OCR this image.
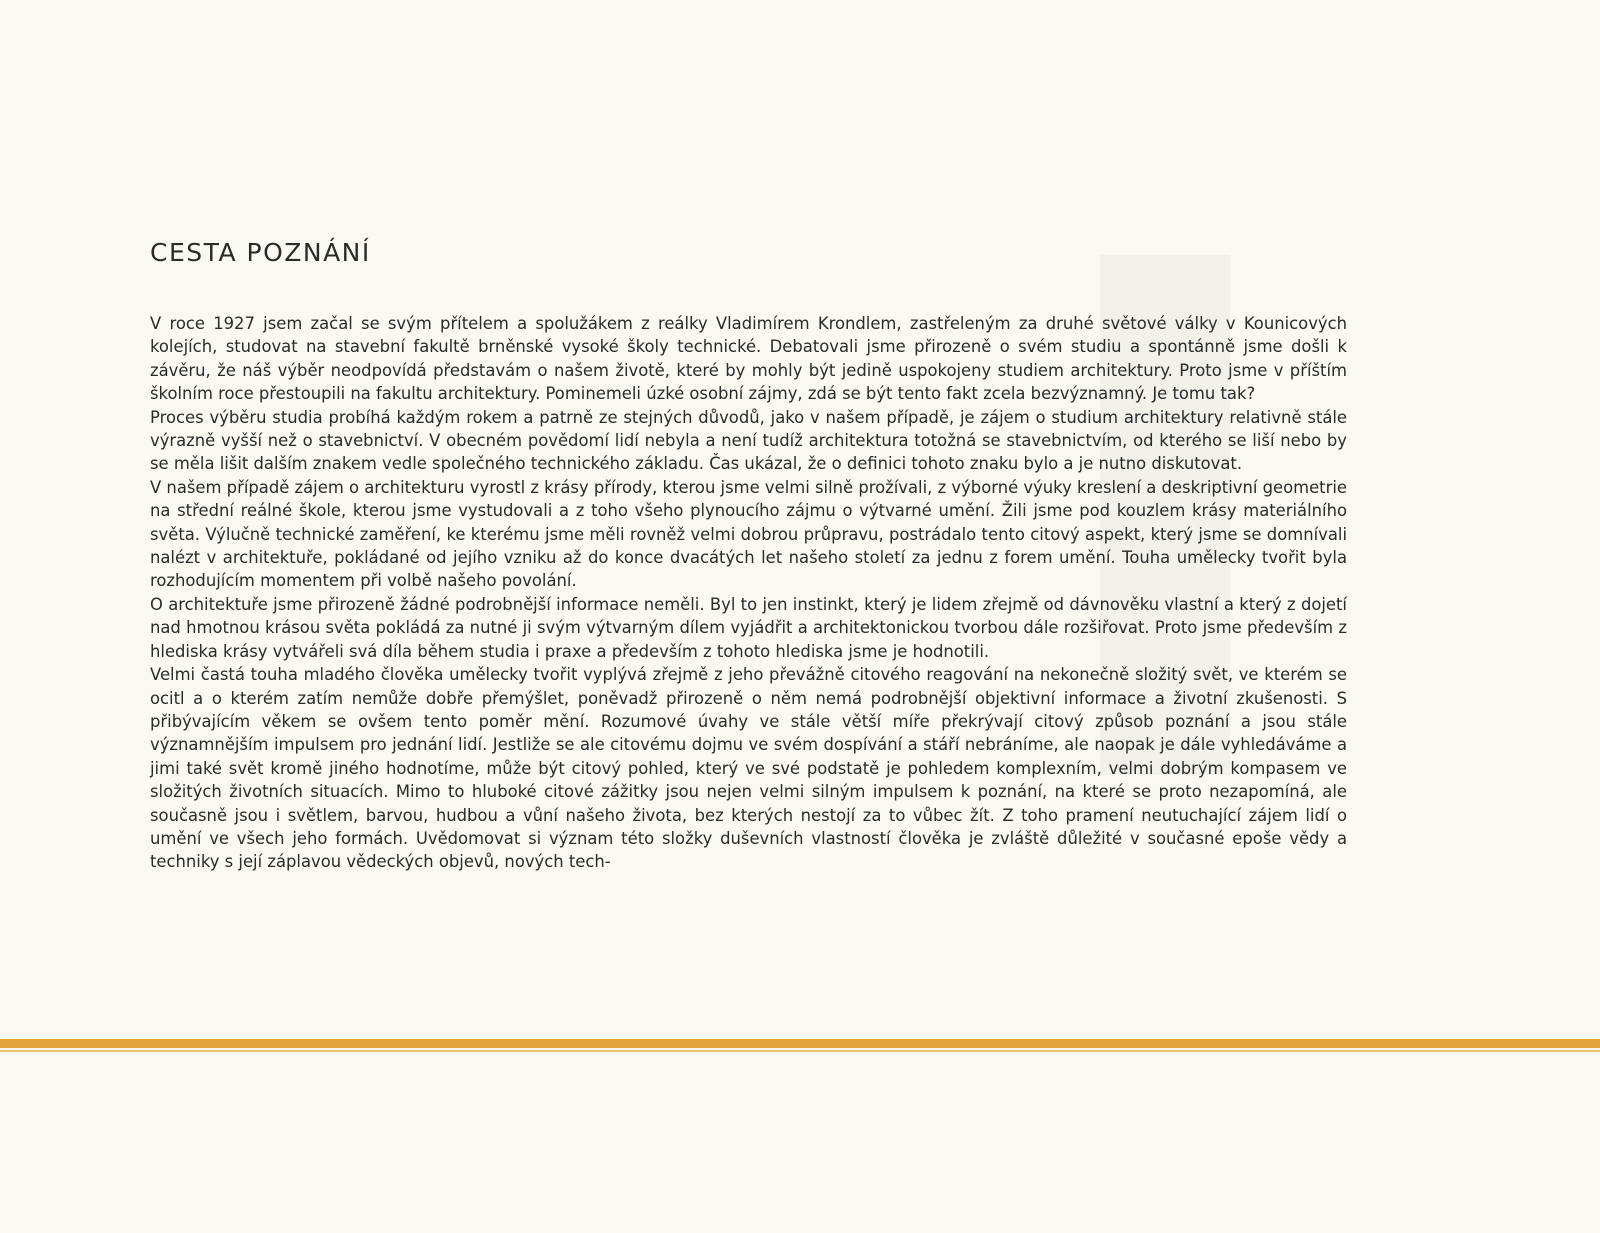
CESTA POZNÁNÍ

V roce 1927 jsem začal se svým přítelem a spolužákem z reálky Vladimírem Krondlem, zastřeleným za druhé světové války v Kounicových kolejích, studovat na stavební fakultě brněnské vysoké školy technické. Debatovali jsme přirozeně o svém studiu a spontánně jsme došli k závěru, že náš výběr neodpovídá představám o našem životě, které by mohly být jedině uspokojeny studiem architektury. Proto jsme v příštím školním roce přestoupili na fakultu architektury. Pominemeli úzké osobní zájmy, zdá se být tento fakt zcela bezvýznamný. Je tomu tak?

Proces výběru studia probíhá každým rokem a patrně ze stejných důvodů, jako v našem případě, je zájem o studium architektury relativně stále výrazně vyšší než o stavebnictví. V obecném povědomí lidí nebyla a není tudíž architektura totožná se stavebnictvím, od kterého se liší nebo by se měla lišit dalším znakem vedle společného technického základu. Čas ukázal, že o definici tohoto znaku bylo a je nutno diskutovat.

V našem případě zájem o architekturu vyrostl z krásy přírody, kterou jsme velmi silně prožívali, z výborné výuky kreslení a deskriptivní geometrie na střední reálné škole, kterou jsme vystudovali a z toho všeho plynoucího zájmu o výtvarné umění. Žili jsme pod kouzlem krásy materiálního světa. Výlučně technické zaměření, ke kterému jsme měli rovněž velmi dobrou průpravu, postrádalo tento citový aspekt, který jsme se domnívali nalézt v architektuře, pokládané od jejího vzniku až do konce dvacátých let našeho století za jednu z forem umění. Touha umělecky tvořit byla rozhodujícím momentem při volbě našeho povolání.

O architektuře jsme přirozeně žádné podrobnější informace neměli. Byl to jen instinkt, který je lidem zřejmě od dávnověku vlastní a který z dojetí nad hmotnou krásou světa pokládá za nutné ji svým výtvarným dílem vyjádřit a architektonickou tvorbou dále rozšiřovat. Proto jsme především z hlediska krásy vytvářeli svá díla během studia i praxe a především z tohoto hlediska jsme je hodnotili.

Velmi častá touha mladého člověka umělecky tvořit vyplývá zřejmě z jeho převážně citového reagování na nekonečně složitý svět, ve kterém se ocitl a o kterém zatím nemůže dobře přemýšlet, poněvadž přirozeně o něm nemá podrobnější objektivní informace a životní zkušenosti. S přibývajícím věkem se ovšem tento poměr mění. Rozumové úvahy ve stále větší míře překrývají citový způsob poznání a jsou stále významnějším impulsem pro jednání lidí. Jestliže se ale citovému dojmu ve svém dospívání a stáří nebráníme, ale naopak je dále vyhledáváme a jimi také svět kromě jiného hodnotíme, může být citový pohled, který ve své podstatě je pohledem komplexním, velmi dobrým kompasem ve složitých životních situacích. Mimo to hluboké citové zážitky jsou nejen velmi silným impulsem k poznání, na které se proto nezapomíná, ale současně jsou i světlem, barvou, hudbou a vůní našeho života, bez kterých nestojí za to vůbec žít. Z toho pramení neutuchající zájem lidí o umění ve všech jeho formách. Uvědomovat si význam této složky duševních vlastností člověka je zvláště důležité v současné epoše vědy a techniky s její záplavou vědeckých objevů, nových tech-
